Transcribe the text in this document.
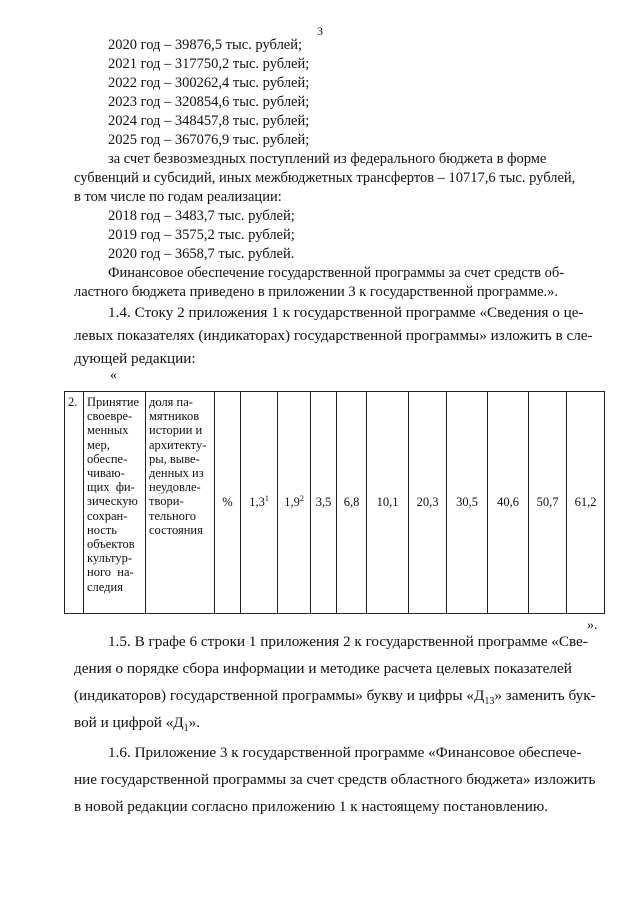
3
2020 год – 39876,5 тыс. рублей;
2021 год – 317750,2 тыс. рублей;
2022 год – 300262,4 тыс. рублей;
2023 год – 320854,6 тыс. рублей;
2024 год – 348457,8 тыс. рублей;
2025 год – 367076,9 тыс. рублей;
за счет безвозмездных поступлений из федерального бюджета в форме
субвенций и субсидий, иных межбюджетных трансфертов – 10717,6 тыс. рублей,
в том числе по годам реализации:
2018 год – 3483,7 тыс. рублей;
2019 год – 3575,2 тыс. рублей;
2020 год – 3658,7 тыс. рублей.
Финансовое обеспечение государственной программы за счет средств об-
ластного бюджета приведено в приложении 3 к государственной программе.».
1.4. Стоку 2 приложения 1 к государственной программе «Сведения о це-
левых показателях (индикаторах) государственной программы» изложить в сле-
дующей редакции:
«
2.	Принятие
своевре-
менных
мер,
обеспе-
чиваю-
щих  фи-
зическую
сохран-
ность
объектов
культур-
ного  на-
следия

доля па-
мятников
истории и
архитекту-
ры, выве-
денных из
неудовле-
твори-
тельного
состояния
	%	$1,3^1$	$1,9^2$	3,5	6,8	10,1	20,3	30,5	40,6	50,7	61,2
».
1.5. В графе 6 строки 1 приложения 2 к государственной программе «Све-
дения о порядке сбора информации и методике расчета целевых показателей
(индикаторов) государственной программы» букву и цифры «$Д_{13}$» заменить бук-
вой и цифрой «$Д_1$».
1.6. Приложение 3 к государственной программе «Финансовое обеспече-
ние государственной программы за счет средств областного бюджета» изложить
в новой редакции согласно приложению 1 к настоящему постановлению.
